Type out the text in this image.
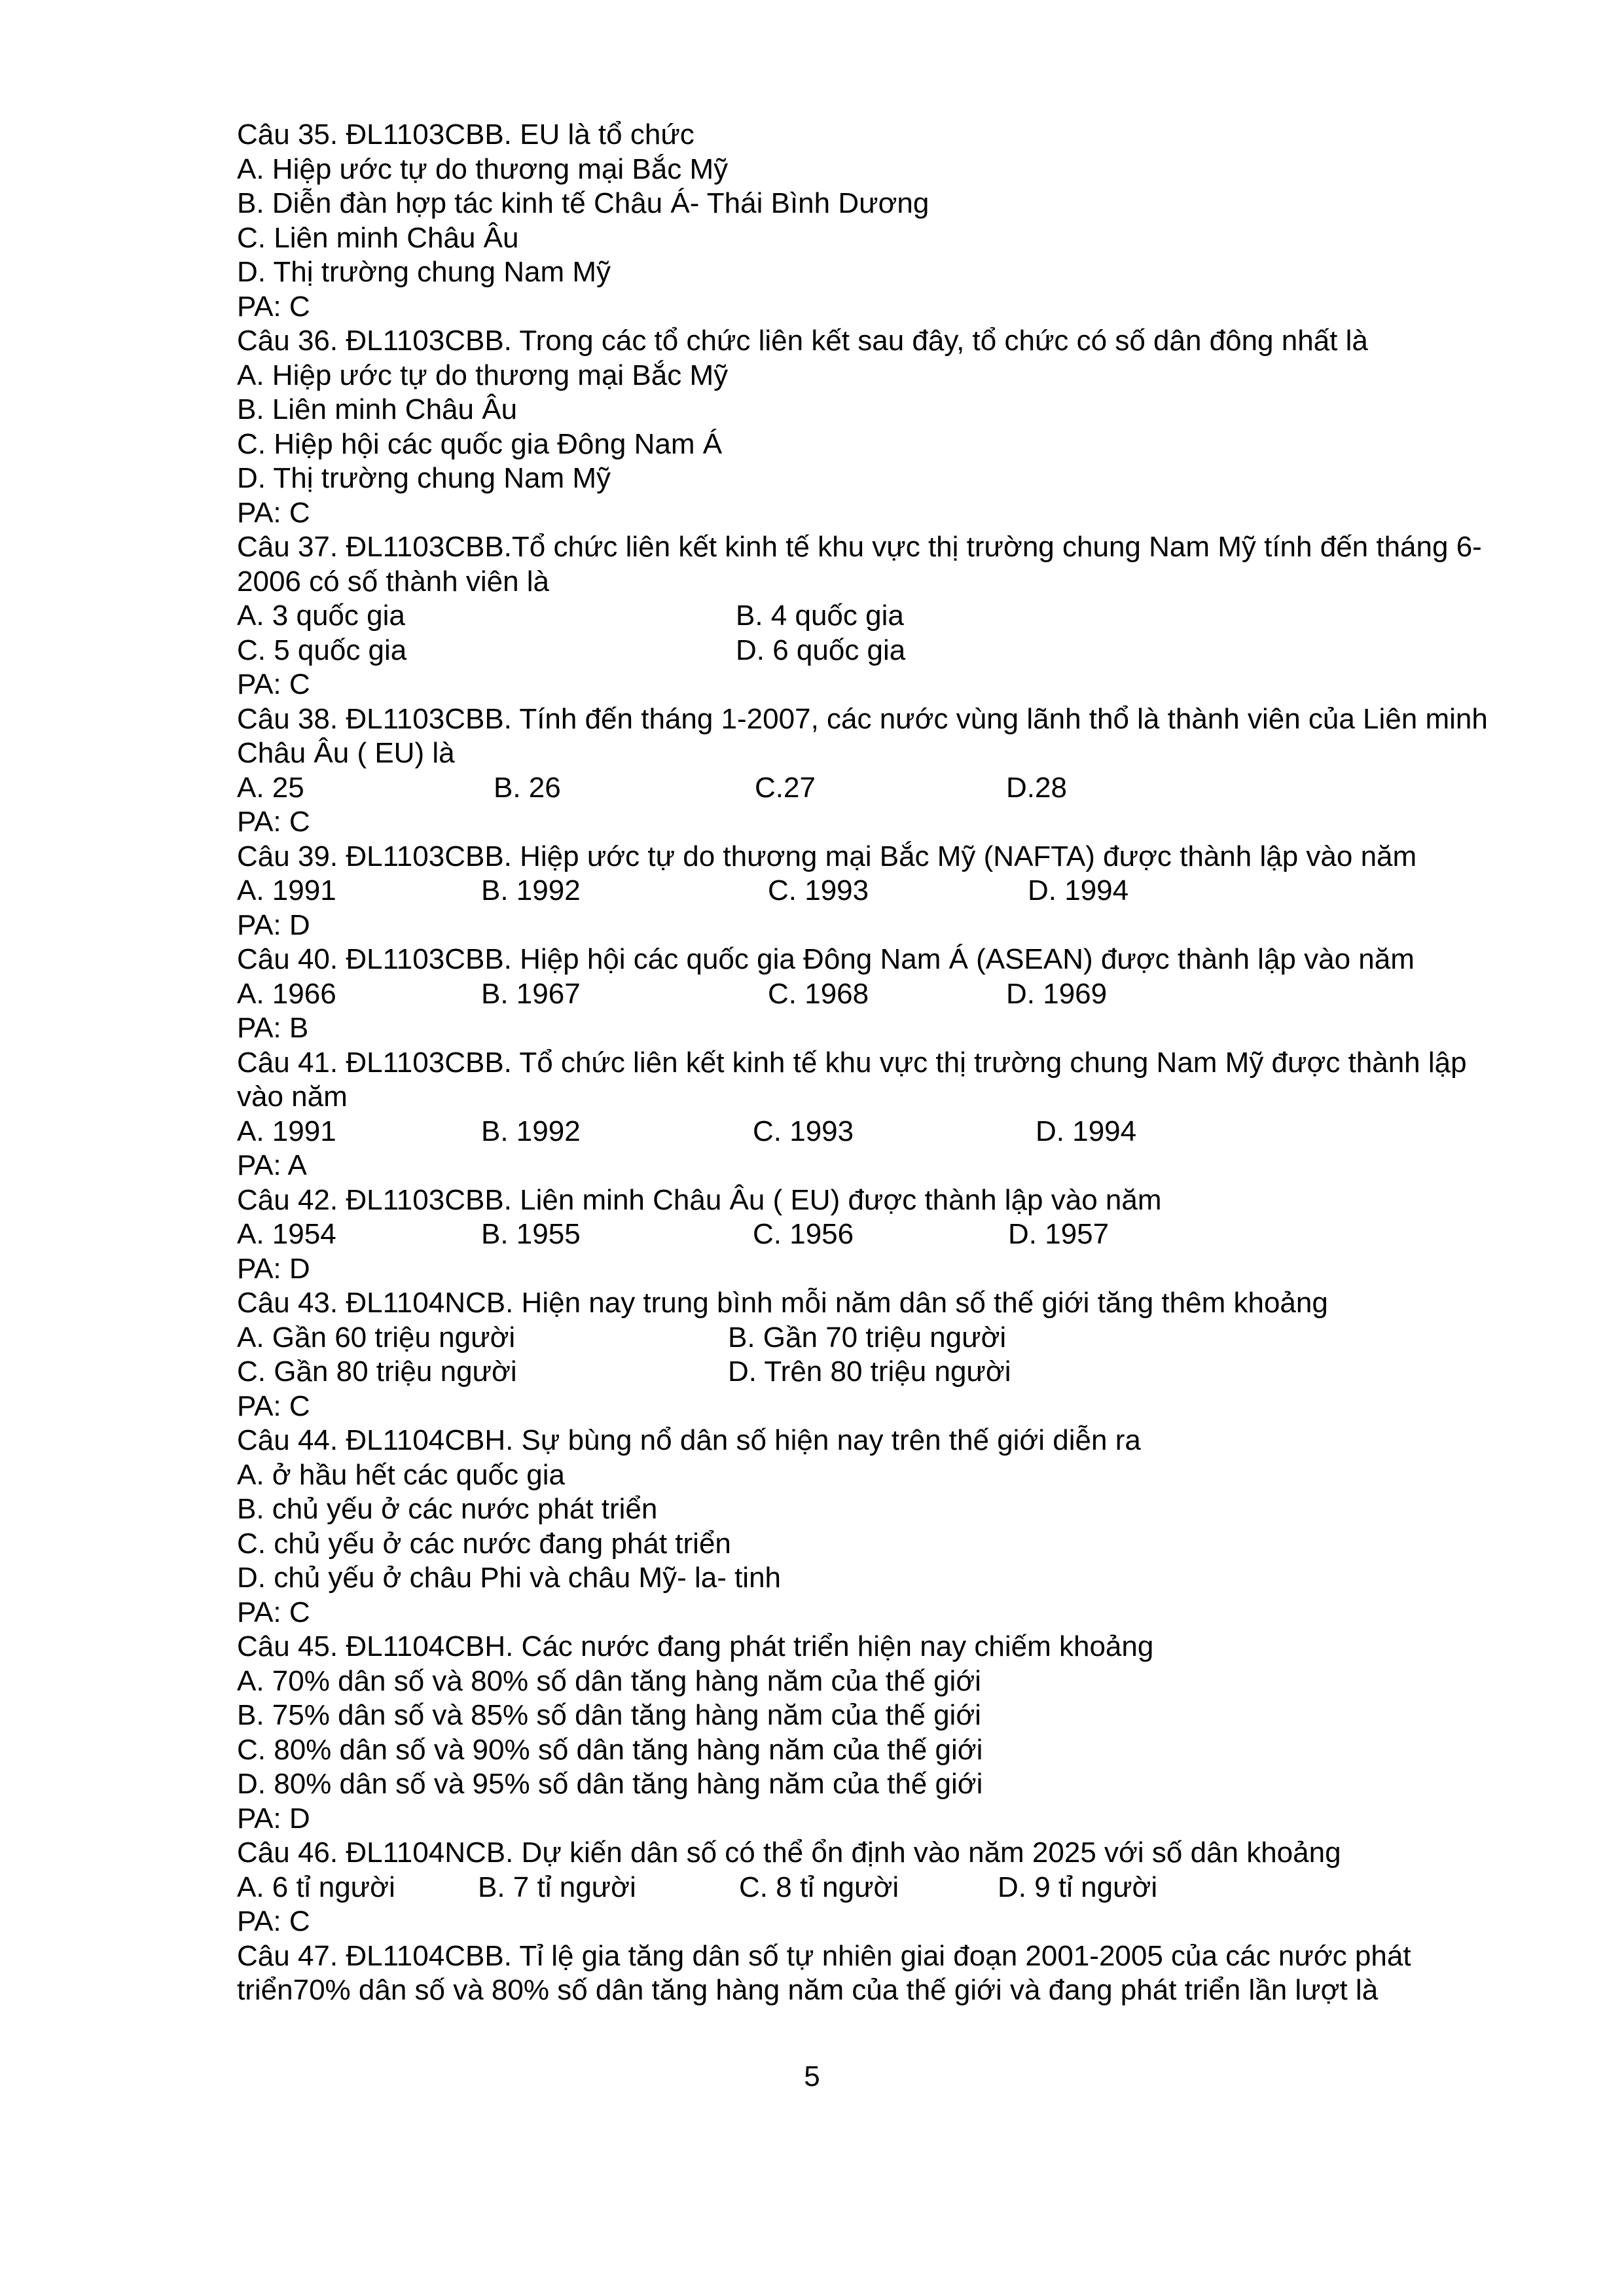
Câu 35. ĐL1103CBB. EU là tổ chức
A. Hiệp ước tự do thương mại Bắc Mỹ
B. Diễn đàn hợp tác kinh tế Châu Á- Thái Bình Dương
C. Liên minh Châu Âu
D. Thị trường chung Nam Mỹ
PA: C
Câu 36. ĐL1103CBB. Trong các tổ chức liên kết sau đây, tổ chức có số dân đông nhất là
A. Hiệp ước tự do thương mại Bắc Mỹ
B. Liên minh Châu Âu
C. Hiệp hội các quốc gia Đông Nam Á
D. Thị trường chung Nam Mỹ
PA: C
Câu 37. ĐL1103CBB.Tổ chức liên kết kinh tế khu vực thị trường chung Nam Mỹ tính đến tháng 6-2006 có số thành viên là
A. 3 quốc gia	B. 4 quốc gia
C. 5 quốc gia	D. 6 quốc gia
PA: C
Câu 38. ĐL1103CBB. Tính đến tháng 1-2007, các nước vùng lãnh thổ là thành viên của Liên minh Châu Âu ( EU) là
A. 25	B. 26	C.27	D.28
PA: C
Câu 39. ĐL1103CBB. Hiệp ước tự do thương mại Bắc Mỹ (NAFTA) được thành lập vào năm
A. 1991	B. 1992	C. 1993	D. 1994
PA: D
Câu 40. ĐL1103CBB. Hiệp hội các quốc gia Đông Nam Á (ASEAN) được thành lập vào năm
A. 1966	B. 1967	C. 1968	D. 1969
PA: B
Câu 41. ĐL1103CBB. Tổ chức liên kết kinh tế khu vực thị trường chung Nam Mỹ được thành lập vào năm
A. 1991	B. 1992	C. 1993	D. 1994
PA: A
Câu 42. ĐL1103CBB. Liên minh Châu Âu ( EU) được thành lập vào năm
A. 1954	B. 1955	C. 1956	D. 1957
PA: D
Câu 43. ĐL1104NCB. Hiện nay trung bình mỗi năm dân số thế giới tăng thêm khoảng
A. Gần 60 triệu người	B. Gần 70 triệu người
C. Gần 80 triệu người	D. Trên 80 triệu người
PA: C
Câu 44. ĐL1104CBH. Sự bùng nổ dân số hiện nay trên thế giới diễn ra
A. ở hầu hết các quốc gia
B. chủ yếu ở các nước phát triển
C. chủ yếu ở các nước đang phát triển
D. chủ yếu ở châu Phi và châu Mỹ- la- tinh
PA: C
Câu 45. ĐL1104CBH. Các nước đang phát triển hiện nay chiếm khoảng
A. 70% dân số và 80% số dân tăng hàng năm của thế giới
B. 75% dân số và 85% số dân tăng hàng năm của thế giới
C. 80% dân số và 90% số dân tăng hàng năm của thế giới
D. 80% dân số và 95% số dân tăng hàng năm của thế giới
PA: D
Câu 46. ĐL1104NCB. Dự kiến dân số có thể ổn định vào năm 2025 với số dân khoảng
A. 6 tỉ người	B. 7 tỉ người	C. 8 tỉ người	D. 9 tỉ người
PA: C
Câu 47. ĐL1104CBB. Tỉ lệ gia tăng dân số tự nhiên giai đoạn 2001-2005 của các nước phát triển70% dân số và 80% số dân tăng hàng năm của thế giới và đang phát triển lần lượt là
5
